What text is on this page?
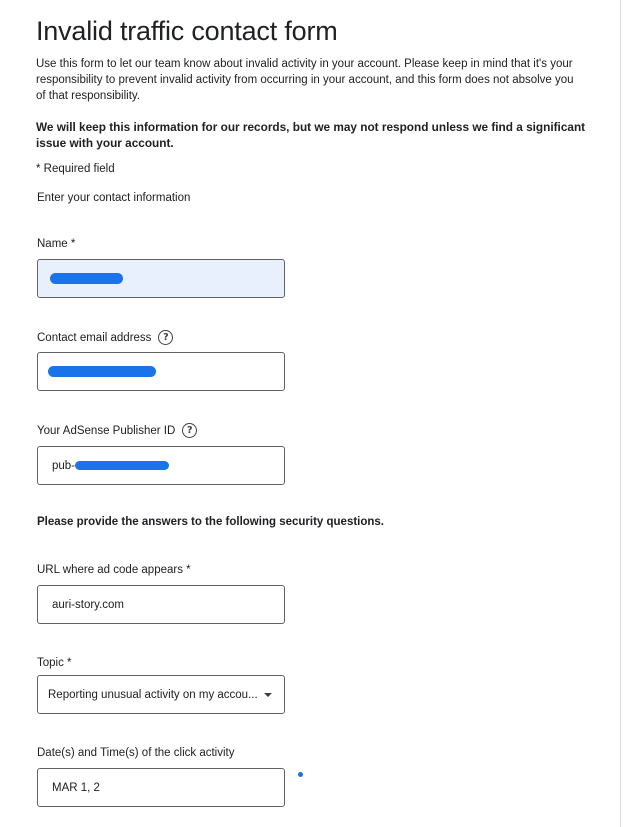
Invalid traffic contact form

Use this form to let our team know about invalid activity in your account. Please keep in mind that it's your responsibility to prevent invalid activity from occurring in your account, and this form does not absolve you of that responsibility.

We will keep this information for our records, but we may not respond unless we find a significant issue with your account.

* Required field
Enter your contact information
Name *
Contact email address	?
Your AdSense Publisher ID	?
pub-

Please provide the answers to the following security questions.

URL where ad code appears *
auri-story.com
Topic *
Reporting unusual activity on my accou...
Date(s) and Time(s) of the click activity
MAR 1, 2
